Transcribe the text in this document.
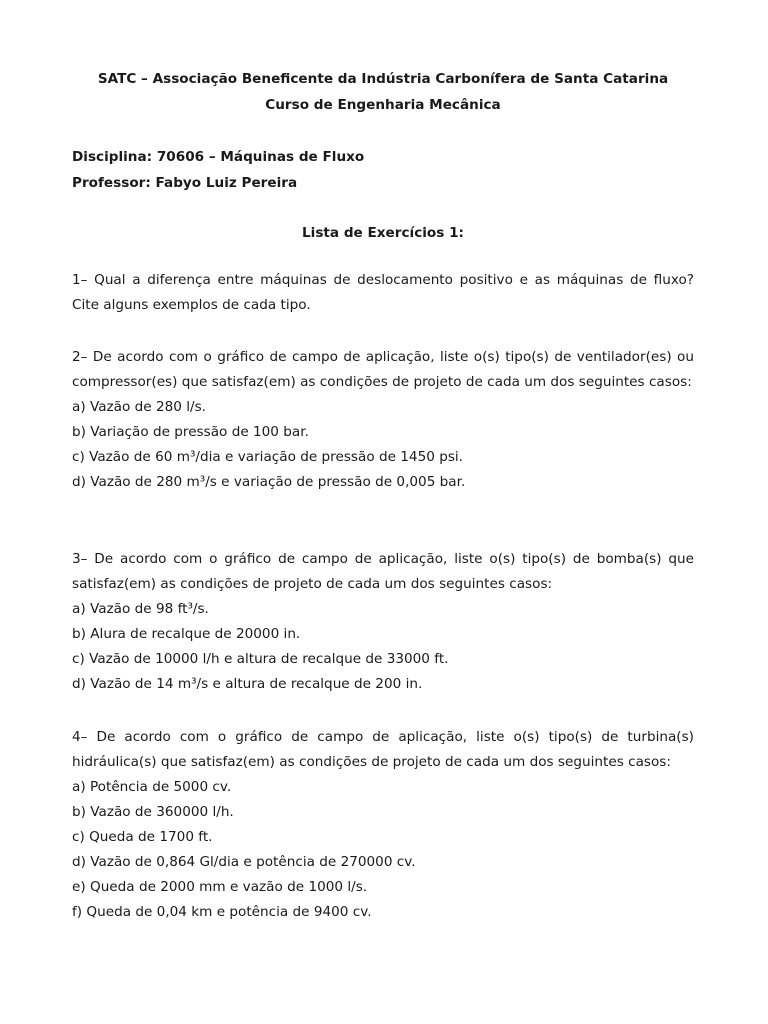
SATC – Associação Beneficente da Indústria Carbonífera de Santa Catarina
Curso de Engenharia Mecânica
Disciplina: 70606 – Máquinas de Fluxo
Professor: Fabyo Luiz Pereira
Lista de Exercícios 1:

1– Qual a diferença entre máquinas de deslocamento positivo e as máquinas de fluxo? Cite alguns exemplos de cada tipo.

2– De acordo com o gráfico de campo de aplicação, liste o(s) tipo(s) de ventilador(es) ou compressor(es) que satisfaz(em) as condições de projeto de cada um dos seguintes casos:

a) Vazão de 280 l/s.

b) Variação de pressão de 100 bar.

c) Vazão de 60 m³/dia e variação de pressão de 1450 psi.

d) Vazão de 280 m³/s e variação de pressão de 0,005 bar.

3– De acordo com o gráfico de campo de aplicação, liste o(s) tipo(s) de bomba(s) que satisfaz(em) as condições de projeto de cada um dos seguintes casos:

a) Vazão de 98 ft³/s.

b) Alura de recalque de 20000 in.

c) Vazão de 10000 l/h e altura de recalque de 33000 ft.

d) Vazão de 14 m³/s e altura de recalque de 200 in.

4– De acordo com o gráfico de campo de aplicação, liste o(s) tipo(s) de turbina(s) hidráulica(s) que satisfaz(em) as condições de projeto de cada um dos seguintes casos:

a) Potência de 5000 cv.

b) Vazão de 360000 l/h.

c) Queda de 1700 ft.

d) Vazão de 0,864 Gl/dia e potência de 270000 cv.

e) Queda de 2000 mm e vazão de 1000 l/s.

f) Queda de 0,04 km e potência de 9400 cv.
